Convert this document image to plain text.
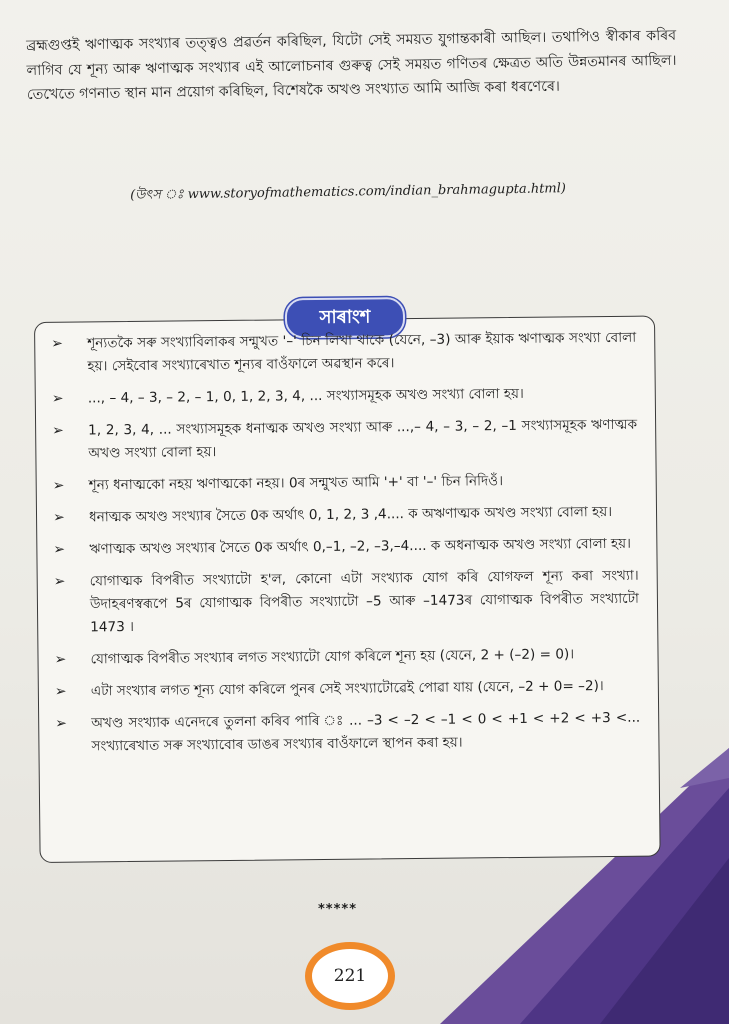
ব্ৰহ্মগুপ্তই ঋণাত্মক সংখ্যাৰ তত্ত্বও প্ৰৱৰ্তন কৰিছিল, যিটো সেই সময়ত যুগান্তকাৰী আছিল। তথাপিও স্বীকাৰ কৰিব লাগিব যে শূন্য আৰু ঋণাত্মক সংখ্যাৰ এই আলোচনাৰ গুৰুত্ব সেই সময়ত গণিতৰ ক্ষেত্ৰত অতি উন্নতমানৰ আছিল। তেখেতে গণনাত স্থান মান প্ৰয়োগ কৰিছিল, বিশেষকৈ অখণ্ড সংখ্যাত আমি আজি কৰা ধৰণেৰে।
(উৎস ঃ www.storyofmathematics.com/indian_brahmagupta.html)
সাৰাংশ
➢ শূন্যতকৈ সৰু সংখ্যাবিলাকৰ সন্মুখত '–' চিন লিখা থাকে (যেনে, –3) আৰু ইয়াক ঋণাত্মক সংখ্যা বোলা হয়। সেইবোৰ সংখ্যাৰেখাত শূন্যৰ বাওঁফালে অৱস্থান কৰে।
➢ ..., – 4, – 3, – 2, – 1, 0, 1, 2, 3, 4, ... সংখ্যাসমূহক অখণ্ড সংখ্যা বোলা হয়।
➢ 1, 2, 3, 4, ... সংখ্যাসমূহক ধনাত্মক অখণ্ড সংখ্যা আৰু ...,– 4, – 3, – 2, –1 সংখ্যাসমূহক ঋণাত্মক অখণ্ড সংখ্যা বোলা হয়।
➢ শূন্য ধনাত্মকো নহয় ঋণাত্মকো নহয়। 0ৰ সন্মুখত আমি '+' বা '–' চিন নিদিওঁ।
➢ ধনাত্মক অখণ্ড সংখ্যাৰ সৈতে 0ক অৰ্থাৎ 0, 1, 2, 3 ,4.... ক অঋণাত্মক অখণ্ড সংখ্যা বোলা হয়।
➢ ঋণাত্মক অখণ্ড সংখ্যাৰ সৈতে 0ক অৰ্থাৎ 0,–1, –2, –3,–4.... ক অধনাত্মক অখণ্ড সংখ্যা বোলা হয়।
➢ যোগাত্মক বিপৰীত সংখ্যাটো হ'ল, কোনো এটা সংখ্যাক যোগ কৰি যোগফল শূন্য কৰা সংখ্যা। উদাহৰণস্বৰূপে 5ৰ যোগাত্মক বিপৰীত সংখ্যাটো –5 আৰু –1473ৰ যোগাত্মক বিপৰীত সংখ্যাটো 1473 ।
➢ যোগাত্মক বিপৰীত সংখ্যাৰ লগত সংখ্যাটো যোগ কৰিলে শূন্য হয় (যেনে, 2 + (–2) = 0)।
➢ এটা সংখ্যাৰ লগত শূন্য যোগ কৰিলে পুনৰ সেই সংখ্যাটোৱেই পোৱা যায় (যেনে, –2 + 0= –2)।
➢ অখণ্ড সংখ্যাক এনেদৰে তুলনা কৰিব পাৰি ঃ ... –3 < –2 < –1 < 0 < +1 < +2 < +3 <... সংখ্যাৰেখাত সৰু সংখ্যাবোৰ ডাঙৰ সংখ্যাৰ বাওঁফালে স্থাপন কৰা হয়।
*****
221
